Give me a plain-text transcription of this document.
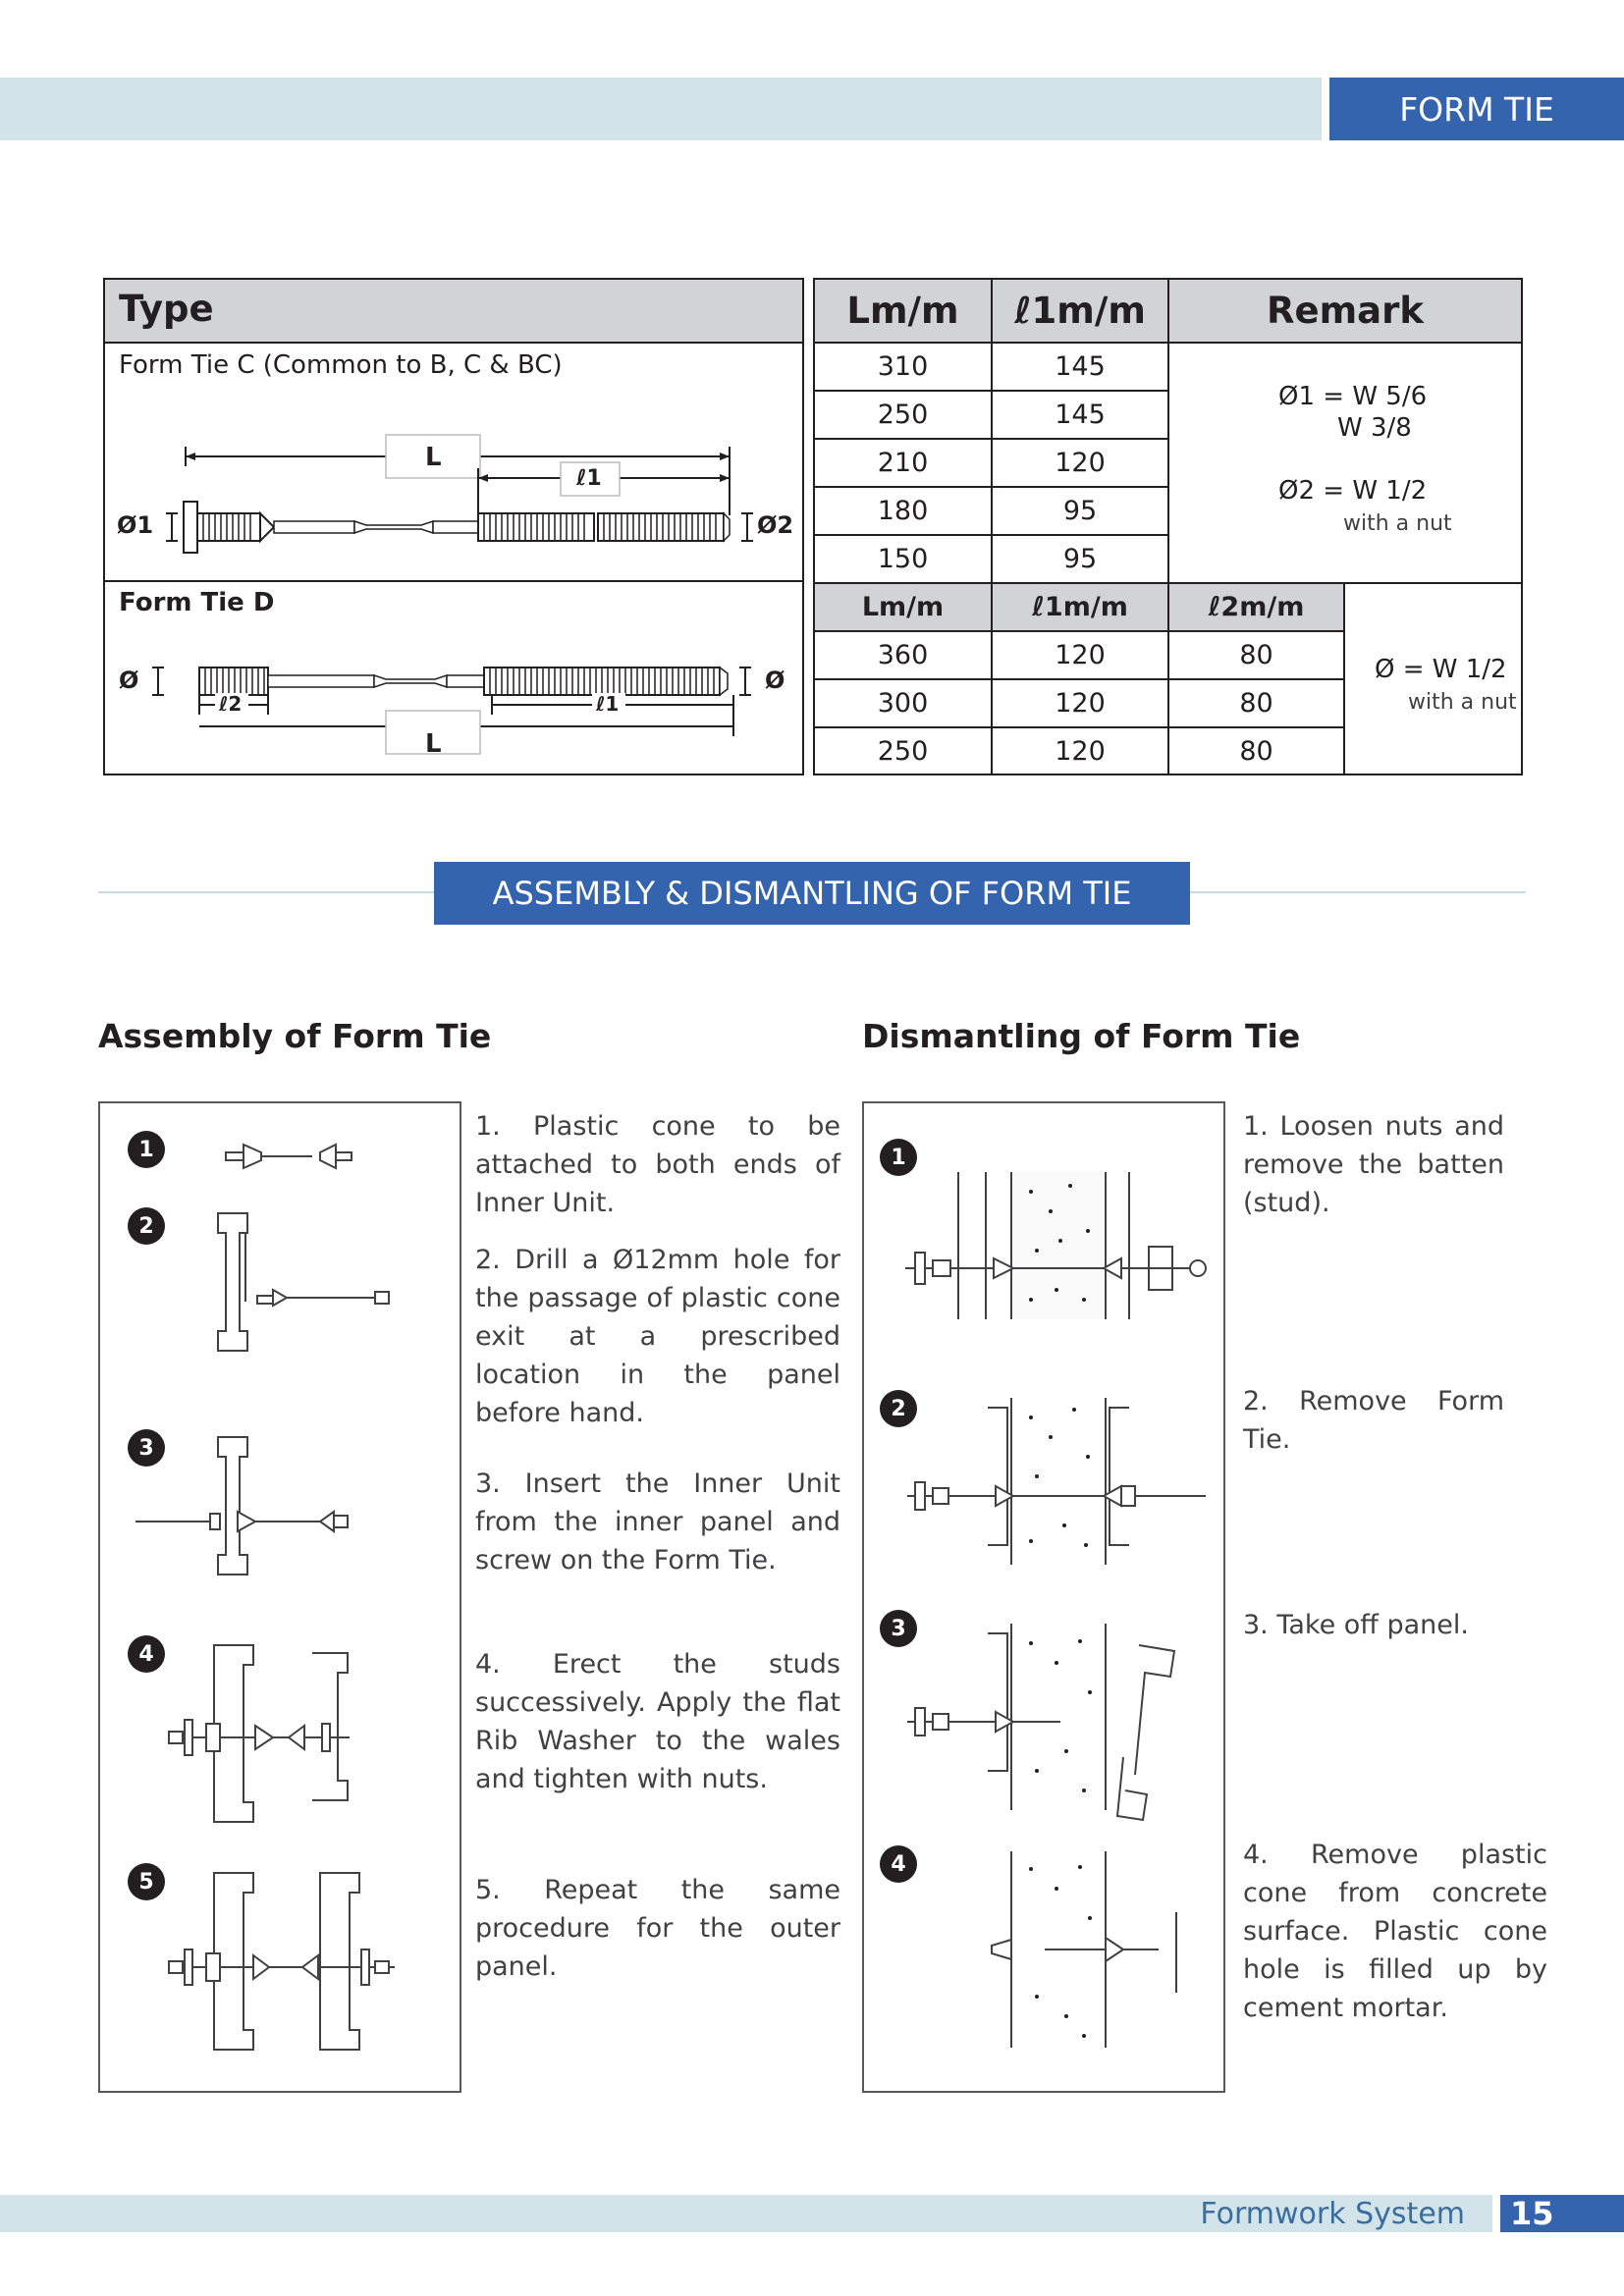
FORM TIE
Type
Form Tie C (Common to B, C & BC)
Form Tie D
L
ℓ1
Ø1	Ø2
L
ℓ2	ℓ1
Ø	Ø
Lm/m	ℓ1m/m	Remark
310	145
250	145
210	120
180	95
150	95
Ø1 = W 5/6
W 3/8
Ø2 = W 1/2
with a nut
Lm/m	ℓ1m/m	ℓ2m/m
360	120	80
300	120	80
250	120	80
Ø = W 1/2
with a nut
ASSEMBLY & DISMANTLING OF FORM TIE
Assembly of Form Tie
1
2
3
4
5
1. Plastic cone to be attached to both ends of Inner Unit.
2. Drill a Ø12mm hole for the passage of plastic cone exit at a prescribed location in the panel before hand.
3. Insert the Inner Unit from the inner panel and screw on the Form Tie.
4. Erect the studs successively. Apply the flat Rib Washer to the wales and tighten with nuts.
5. Repeat the same procedure for the outer panel.
Dismantling of Form Tie
1
2
3
4
1. Loosen nuts and remove the batten (stud).
2. Remove Form Tie.
3. Take off panel.
4. Remove plastic cone from concrete surface. Plastic cone hole is filled up by cement mortar.
Formwork System	15
